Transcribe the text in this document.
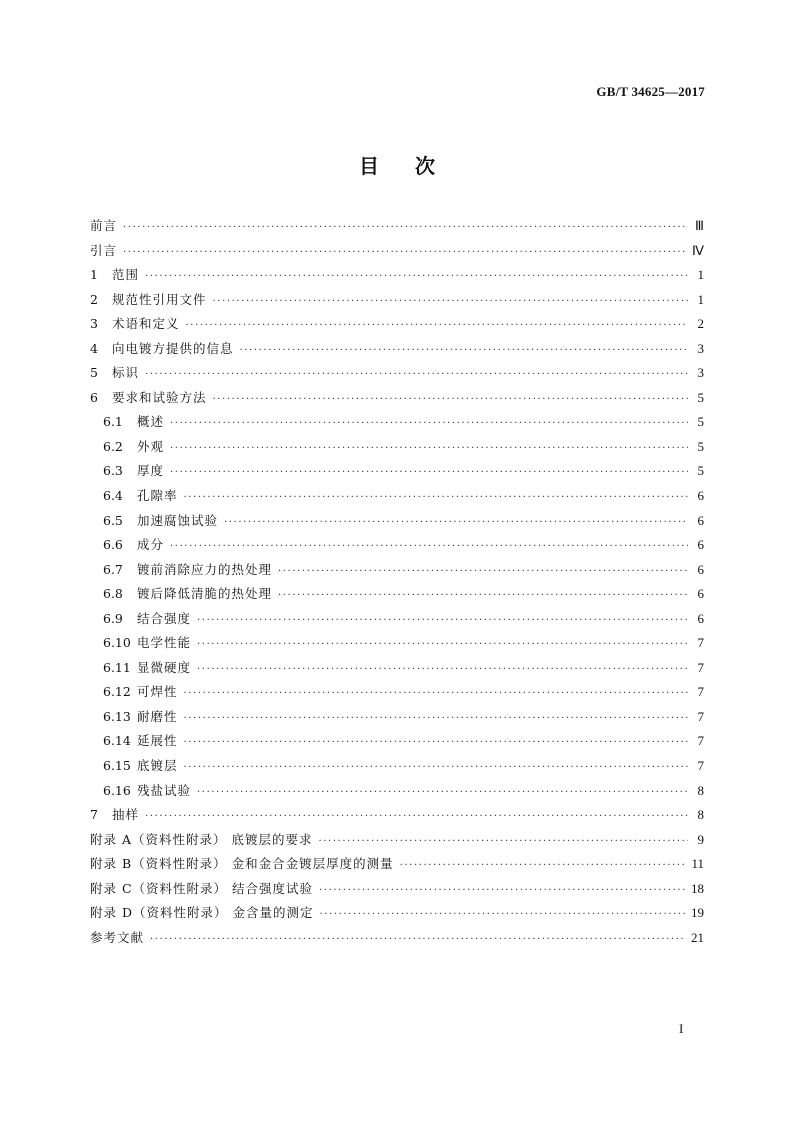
GB/T 34625—2017
目次
前言 ·····	Ⅲ
引言 ·····	Ⅳ
1	范围 ·····	1
2	规范性引用文件 ·····	1
3	术语和定义 ·····	2
4	向电镀方提供的信息 ·····	3
5	标识 ·····	3
6	要求和试验方法 ·····	5
6.1	概述 ·····	5
6.2	外观 ·····	5
6.3	厚度 ·····	5
6.4	孔隙率 ·····	6
6.5	加速腐蚀试验 ·····	6
6.6	成分 ·····	6
6.7	镀前消除应力的热处理 ·····	6
6.8	镀后降低清脆的热处理 ·····	6
6.9	结合强度 ·····	6
6.10 电学性能 ·····	7
6.11 显微硬度 ·····	7
6.12 可焊性 ·····	7
6.13 耐磨性 ·····	7
6.14 延展性 ·····	7
6.15 底镀层 ·····	7
6.16 残盐试验 ·····	8
7	抽样 ·····	8
附录 A（资料性附录） 底镀层的要求 ·····	9
附录 B（资料性附录） 金和金合金镀层厚度的测量 ·····	11
附录 C（资料性附录） 结合强度试验 ·····	18
附录 D（资料性附录） 金含量的测定 ·····	19
参考文献 ·····	21
I
